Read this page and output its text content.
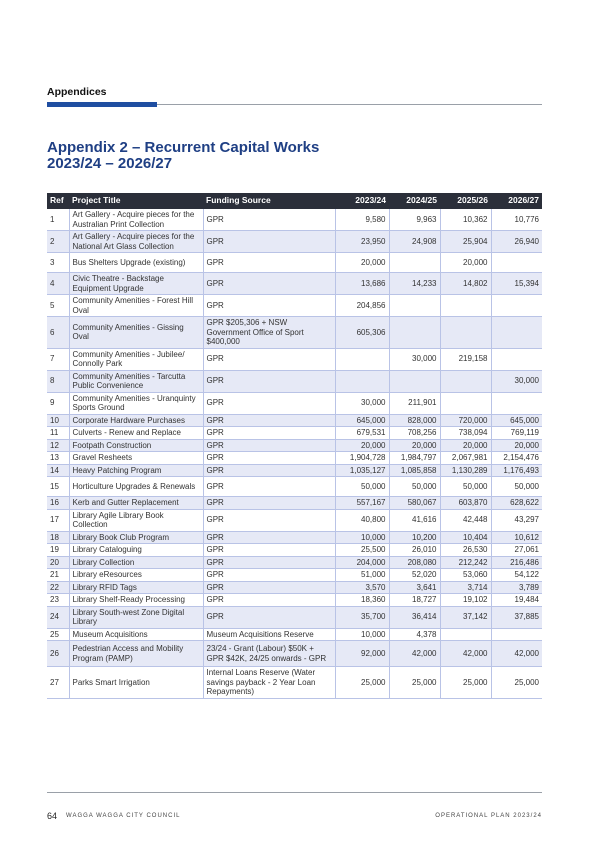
Appendices
Appendix 2 – Recurrent Capital Works
2023/24 – 2026/27
Ref	Project Title	Funding Source	2023/24	2024/25	2025/26	2026/27
1	Art Gallery - Acquire pieces for the Australian Print Collection	GPR	9,580	9,963	10,362	10,776
2	Art Gallery - Acquire pieces for the National Art Glass Collection	GPR	23,950	24,908	25,904	26,940
3	Bus Shelters Upgrade (existing)	GPR	20,000		20,000	
4	Civic Theatre - Backstage Equipment Upgrade	GPR	13,686	14,233	14,802	15,394
5	Community Amenities - Forest Hill Oval	GPR	204,856			
6	Community Amenities - Gissing Oval	GPR $205,306 + NSW Government Office of Sport $400,000	605,306			
7	Community Amenities - Jubilee/ Connolly Park	GPR		30,000	219,158	
8	Community Amenities - Tarcutta Public Convenience	GPR				30,000
9	Community Amenities - Uranquinty Sports Ground	GPR	30,000	211,901		
10	Corporate Hardware Purchases	GPR	645,000	828,000	720,000	645,000
11	Culverts - Renew and Replace	GPR	679,531	708,256	738,094	769,119
12	Footpath Construction	GPR	20,000	20,000	20,000	20,000
13	Gravel Resheets	GPR	1,904,728	1,984,797	2,067,981	2,154,476
14	Heavy Patching Program	GPR	1,035,127	1,085,858	1,130,289	1,176,493
15	Horticulture Upgrades & Renewals	GPR	50,000	50,000	50,000	50,000
16	Kerb and Gutter Replacement	GPR	557,167	580,067	603,870	628,622
17	Library Agile Library Book Collection	GPR	40,800	41,616	42,448	43,297
18	Library Book Club Program	GPR	10,000	10,200	10,404	10,612
19	Library Cataloguing	GPR	25,500	26,010	26,530	27,061
20	Library Collection	GPR	204,000	208,080	212,242	216,486
21	Library eResources	GPR	51,000	52,020	53,060	54,122
22	Library RFID Tags	GPR	3,570	3,641	3,714	3,789
23	Library Shelf-Ready Processing	GPR	18,360	18,727	19,102	19,484
24	Library South-west Zone Digital Library	GPR	35,700	36,414	37,142	37,885
25	Museum Acquisitions	Museum Acquisitions Reserve	10,000	4,378		
26	Pedestrian Access and Mobility Program (PAMP)	23/24 - Grant (Labour) $50K + GPR $42K, 24/25 onwards - GPR	92,000	42,000	42,000	42,000
27	Parks Smart Irrigation	Internal Loans Reserve (Water savings payback - 2 Year Loan Repayments)	25,000	25,000	25,000	25,000
64 WAGGA WAGGA CITY COUNCIL	OPERATIONAL PLAN 2023/24
